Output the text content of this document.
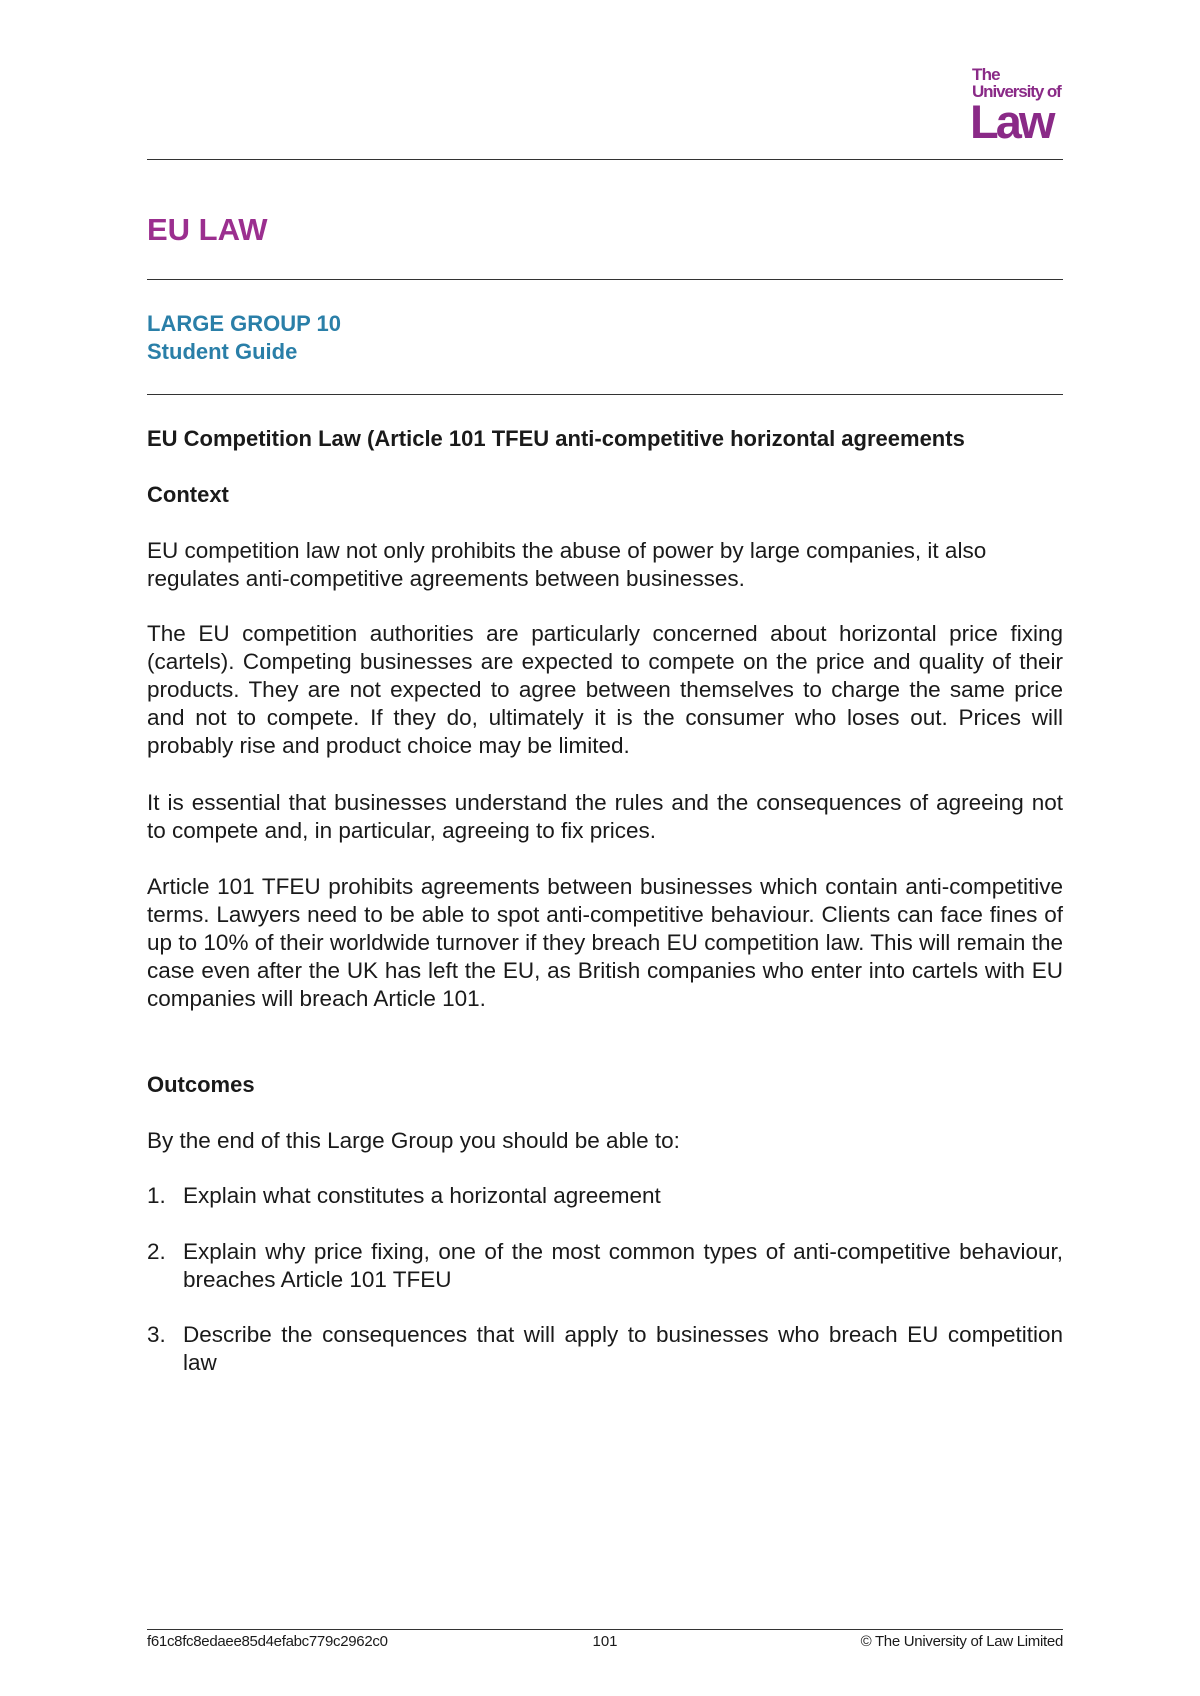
The
University of
Law
EU LAW
LARGE GROUP 10
Student Guide
EU Competition Law (Article 101 TFEU anti-competitive horizontal agreements
Context

EU competition law not only prohibits the abuse of power by large companies, it also regulates anti-competitive agreements between businesses.

The EU competition authorities are particularly concerned about horizontal price fixing (cartels). Competing businesses are expected to compete on the price and quality of their products. They are not expected to agree between themselves to charge the same price and not to compete. If they do, ultimately it is the consumer who loses out. Prices will probably rise and product choice may be limited.

It is essential that businesses understand the rules and the consequences of agreeing not to compete and, in particular, agreeing to fix prices.

Article 101 TFEU prohibits agreements between businesses which contain anti-competitive terms. Lawyers need to be able to spot anti-competitive behaviour. Clients can face fines of up to 10% of their worldwide turnover if they breach EU competition law. This will remain the case even after the UK has left the EU, as British companies who enter into cartels with EU companies will breach Article 101.

Outcomes

By the end of this Large Group you should be able to:

1. Explain what constitutes a horizontal agreement
2. Explain why price fixing, one of the most common types of anti-competitive behaviour, breaches Article 101 TFEU
3. Describe the consequences that will apply to businesses who breach EU competition law
f61c8fc8edaee85d4efabc779c2962c0	101	© The University of Law Limited
